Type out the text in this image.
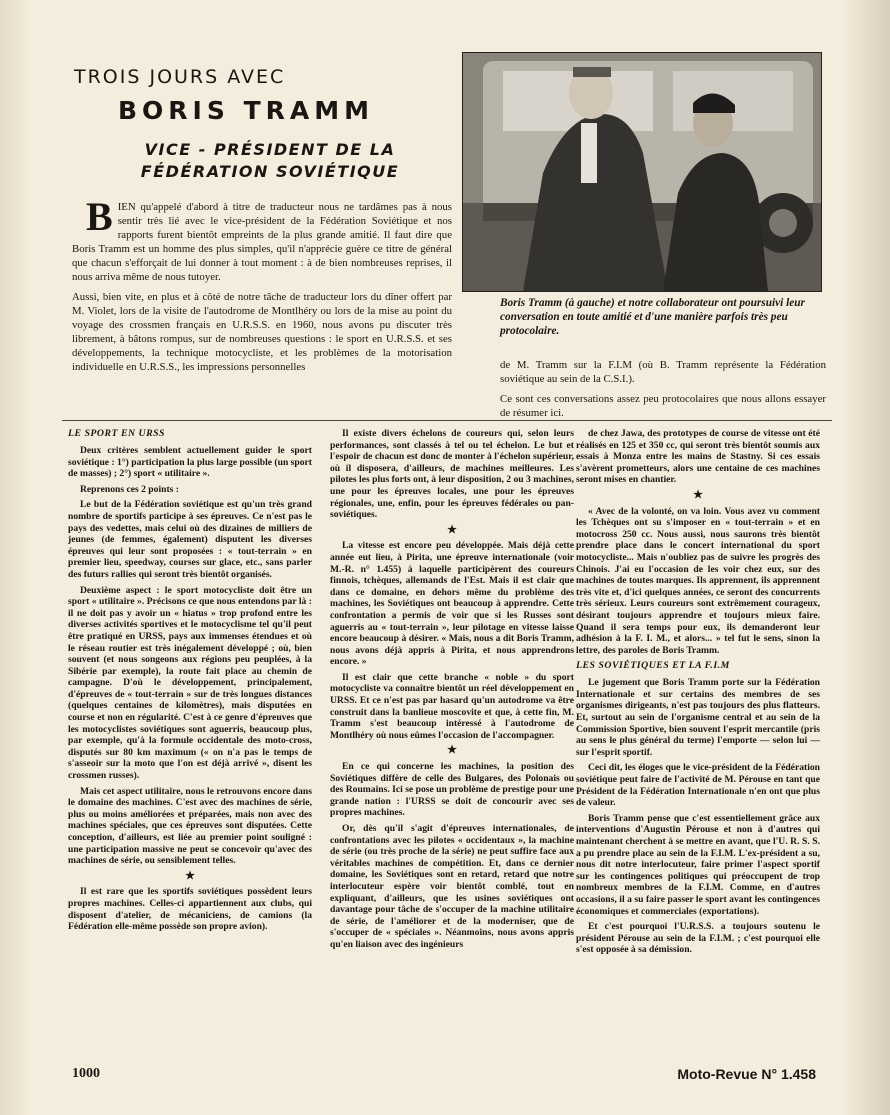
TROIS JOURS AVEC
BORIS TRAMM
VICE - PRÉSIDENT DE LA FÉDÉRATION SOVIÉTIQUE
Boris Tramm (à gauche) et notre collaborateur ont poursuivi leur conversation en toute amitié et d'une manière parfois très peu protocolaire.

BIEN qu'appelé d'abord à titre de traducteur nous ne tardâmes pas à nous sentir très lié avec le vice-président de la Fédération Soviétique et nos rapports furent bientôt empreints de la plus grande amitié. Il faut dire que Boris Tramm est un homme des plus simples, qu'il n'apprécie guère ce titre de général que chacun s'efforçait de lui donner à tout moment : à de bien nombreuses reprises, il nous arriva même de nous tutoyer.

Aussi, bien vite, en plus et à côté de notre tâche de traducteur lors du dîner offert par M. Violet, lors de la visite de l'autodrome de Montlhéry ou lors de la mise au point du voyage des crossmen français en U.R.S.S. en 1960, nous avons pu discuter très librement, à bâtons rompus, sur de nombreuses questions : le sport en U.R.S.S. et ses développements, la technique motocycliste, et les problèmes de la motorisation individuelle en U.R.S.S., les impressions personnelles	de M. Tramm sur la F.I.M (où B. Tramm représente la Fédération soviétique au sein de la C.S.I.).

Ce sont ces conversations assez peu protocolaires que nous allons essayer de résumer ici.

LE SPORT EN URSS

Deux critères semblent actuellement guider le sport soviétique : 1°) participation la plus large possible (un sport de masses) ; 2°) sport « utilitaire ».

Reprenons ces 2 points :

Le but de la Fédération soviétique est qu'un très grand nombre de sportifs participe à ses épreuves. Ce n'est pas le pays des vedettes, mais celui où des dizaines de milliers de jeunes (de femmes, également) disputent les diverses épreuves qui leur sont proposées : « tout-terrain » en premier lieu, speedway, courses sur glace, etc., sans parler des futurs rallies qui seront très bientôt organisés.

Deuxième aspect : le sport motocycliste doit être un sport « utilitaire ». Précisons ce que nous entendons par là : il ne doit pas y avoir un « hiatus » trop profond entre les diverses activités sportives et le motocyclisme tel qu'il peut être pratiqué en URSS, pays aux immenses étendues et où le réseau routier est très inégalement développé ; où, bien souvent (et nous songeons aux régions peu peuplées, à la Sibérie par exemple), la route fait place au chemin de campagne. D'où le développement, principalement, d'épreuves de « tout-terrain » sur de très longues distances (quelques centaines de kilomètres), mais disputées en course et non en régularité. C'est à ce genre d'épreuves que les motocyclistes soviétiques sont aguerris, beaucoup plus, par exemple, qu'à la formule occidentale des moto-cross, disputés sur 80 km maximum (« on n'a pas le temps de s'asseoir sur la moto que l'on est déjà arrivé », disent les crossmen russes).

Mais cet aspect utilitaire, nous le retrouvons encore dans le domaine des machines. C'est avec des machines de série, plus ou moins améliorées et préparées, mais non avec des machines spéciales, que ces épreuves sont disputées. Cette conception, d'ailleurs, est liée au premier point souligné : une participation massive ne peut se concevoir qu'avec des machines de série, ou sensiblement telles.

★

Il est rare que les sportifs soviétiques possèdent leurs propres machines. Celles-ci appartiennent aux clubs, qui disposent d'atelier, de mécaniciens, de camions (la Fédération elle-même possède son propre avion).

Il existe divers échelons de coureurs qui, selon leurs performances, sont classés à tel ou tel échelon. Le but et l'espoir de chacun est donc de monter à l'échelon supérieur, où il disposera, d'ailleurs, de machines meilleures. Les pilotes les plus forts ont, à leur disposition, 2 ou 3 machines, une pour les épreuves locales, une pour les épreuves régionales, une, enfin, pour les épreuves fédérales ou pan-soviétiques.

★

La vitesse est encore peu développée. Mais déjà cette année eut lieu, à Pirita, une épreuve internationale (voir M.-R. n° 1.455) à laquelle participèrent des coureurs finnois, tchèques, allemands de l'Est. Mais il est clair que dans ce domaine, en dehors même du problème des machines, les Soviétiques ont beaucoup à apprendre. Cette confrontation a permis de voir que si les Russes sont aguerris au « tout-terrain », leur pilotage en vitesse laisse encore beaucoup à désirer. « Mais, nous a dit Boris Tramm, nous avons déjà appris à Pirita, et nous apprendrons encore. »

Il est clair que cette branche « noble » du sport motocycliste va connaître bientôt un réel développement en URSS. Et ce n'est pas par hasard qu'un autodrome va être construit dans la banlieue moscovite et que, à cette fin, M. Tramm s'est beaucoup intéressé à l'autodrome de Montlhéry où nous eûmes l'occasion de l'accompagner.

★

En ce qui concerne les machines, la position des Soviétiques diffère de celle des Bulgares, des Polonais ou des Roumains. Ici se pose un problème de prestige pour une grande nation : l'URSS se doit de concourir avec ses propres machines.

Or, dès qu'il s'agit d'épreuves internationales, de confrontations avec les pilotes « occidentaux », la machine de série (ou très proche de la série) ne peut suffire face aux véritables machines de compétition. Et, dans ce dernier domaine, les Soviétiques sont en retard, retard que notre interlocuteur espère voir bientôt comblé, tout en expliquant, d'ailleurs, que les usines soviétiques ont davantage pour tâche de s'occuper de la machine utilitaire de série, de l'améliorer et de la moderniser, que de s'occuper de « spéciales ». Néanmoins, nous avons appris qu'en liaison avec des ingénieurs

de chez Jawa, des prototypes de course de vitesse ont été réalisés en 125 et 350 cc, qui seront très bientôt soumis aux essais à Monza entre les mains de Stastny. Si ces essais s'avèrent prometteurs, alors une centaine de ces machines seront mises en chantier.

★

« Avec de la volonté, on va loin. Vous avez vu comment les Tchèques ont su s'imposer en « tout-terrain » et en motocross 250 cc. Nous aussi, nous saurons très bientôt prendre place dans le concert international du sport motocycliste... Mais n'oubliez pas de suivre les progrès des Chinois. J'ai eu l'occasion de les voir chez eux, sur des machines de toutes marques. Ils apprennent, ils apprennent très vite et, d'ici quelques années, ce seront des concurrents très sérieux. Leurs coureurs sont extrêmement courageux, désirant toujours apprendre et toujours mieux faire. Quand il sera temps pour eux, ils demanderont leur adhésion à la F. I. M., et alors... » tel fut le sens, sinon la lettre, des paroles de Boris Tramm.

LES SOVIÉTIQUES ET LA F.I.M

Le jugement que Boris Tramm porte sur la Fédération Internationale et sur certains des membres de ses organismes dirigeants, n'est pas toujours des plus flatteurs. Et, surtout au sein de l'organisme central et au sein de la Commission Sportive, bien souvent l'esprit mercantile (pris au sens le plus général du terme) l'emporte — selon lui — sur l'esprit sportif.

Ceci dit, les éloges que le vice-président de la Fédération soviétique peut faire de l'activité de M. Pérouse en tant que Président de la Fédération Internationale n'en ont que plus de valeur.

Boris Tramm pense que c'est essentiellement grâce aux interventions d'Augustin Pérouse et non à d'autres qui maintenant cherchent à se mettre en avant, que l'U. R. S. S. a pu prendre place au sein de la F.I.M. L'ex-président a su, nous dit notre interlocuteur, faire primer l'aspect sportif sur les contingences politiques qui préoccupent de trop nombreux membres de la F.I.M. Comme, en d'autres occasions, il a su faire passer le sport avant les contingences économiques et commerciales (exportations).

Et c'est pourquoi l'U.R.S.S. a toujours soutenu le président Pérouse au sein de la F.I.M. ; c'est pourquoi elle s'est opposée à sa démission.

1000	Moto-Revue N° 1.458
